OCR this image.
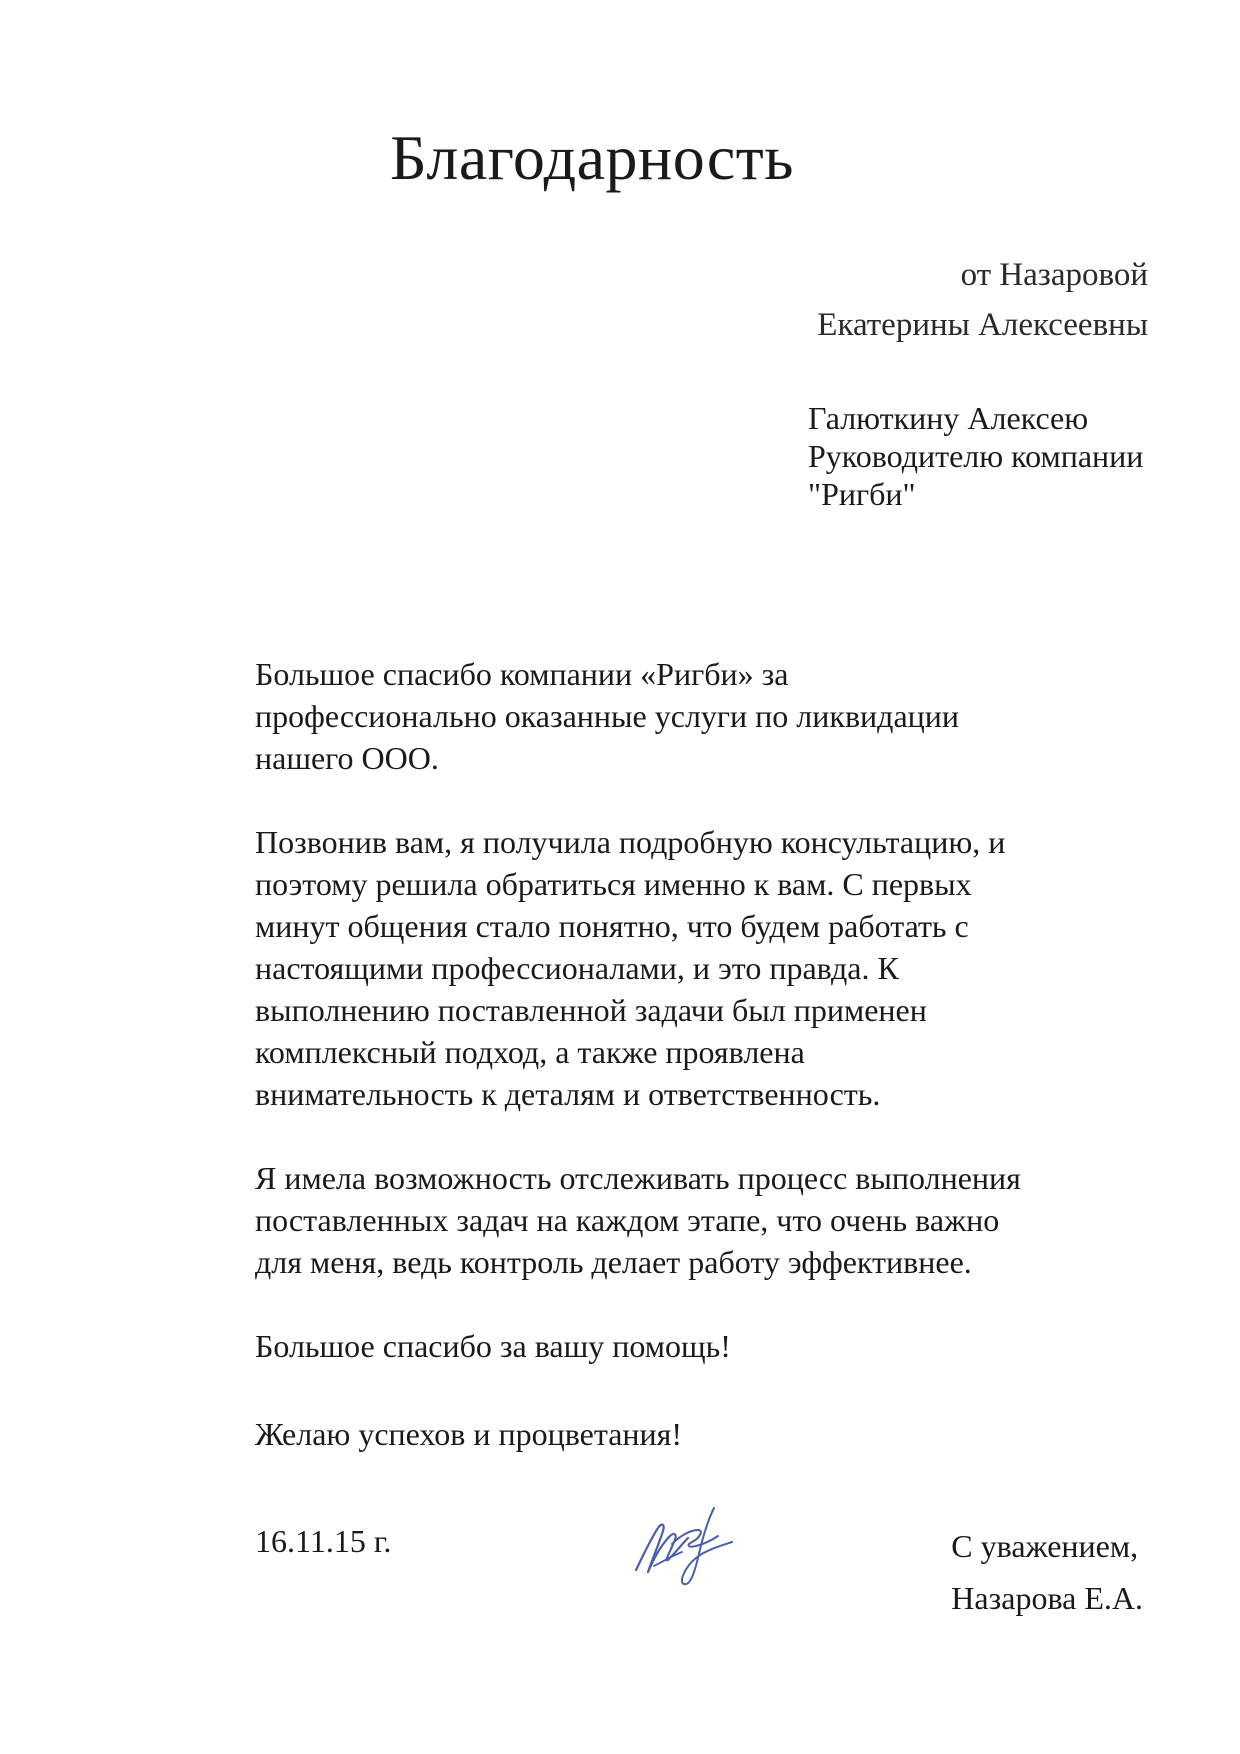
Благодарность
от Назаровой
Екатерины Алексеевны
Галюткину Алексею
Руководителю компании
"Ригби"
Большое спасибо компании «Ригби» за
профессионально оказанные услуги по ликвидации
нашего ООО.
Позвонив вам, я получила подробную консультацию, и
поэтому решила обратиться именно к вам. С первых
минут общения стало понятно, что будем работать с
настоящими профессионалами, и это правда. К
выполнению поставленной задачи был применен
комплексный подход, а также проявлена
внимательность к деталям и ответственность.
Я имела возможность отслеживать процесс выполнения
поставленных задач на каждом этапе, что очень важно
для меня, ведь контроль делает работу эффективнее.
Большое спасибо за вашу помощь!
Желаю успехов и процветания!
16.11.15 г.	С уважением,
Назарова Е.А.
